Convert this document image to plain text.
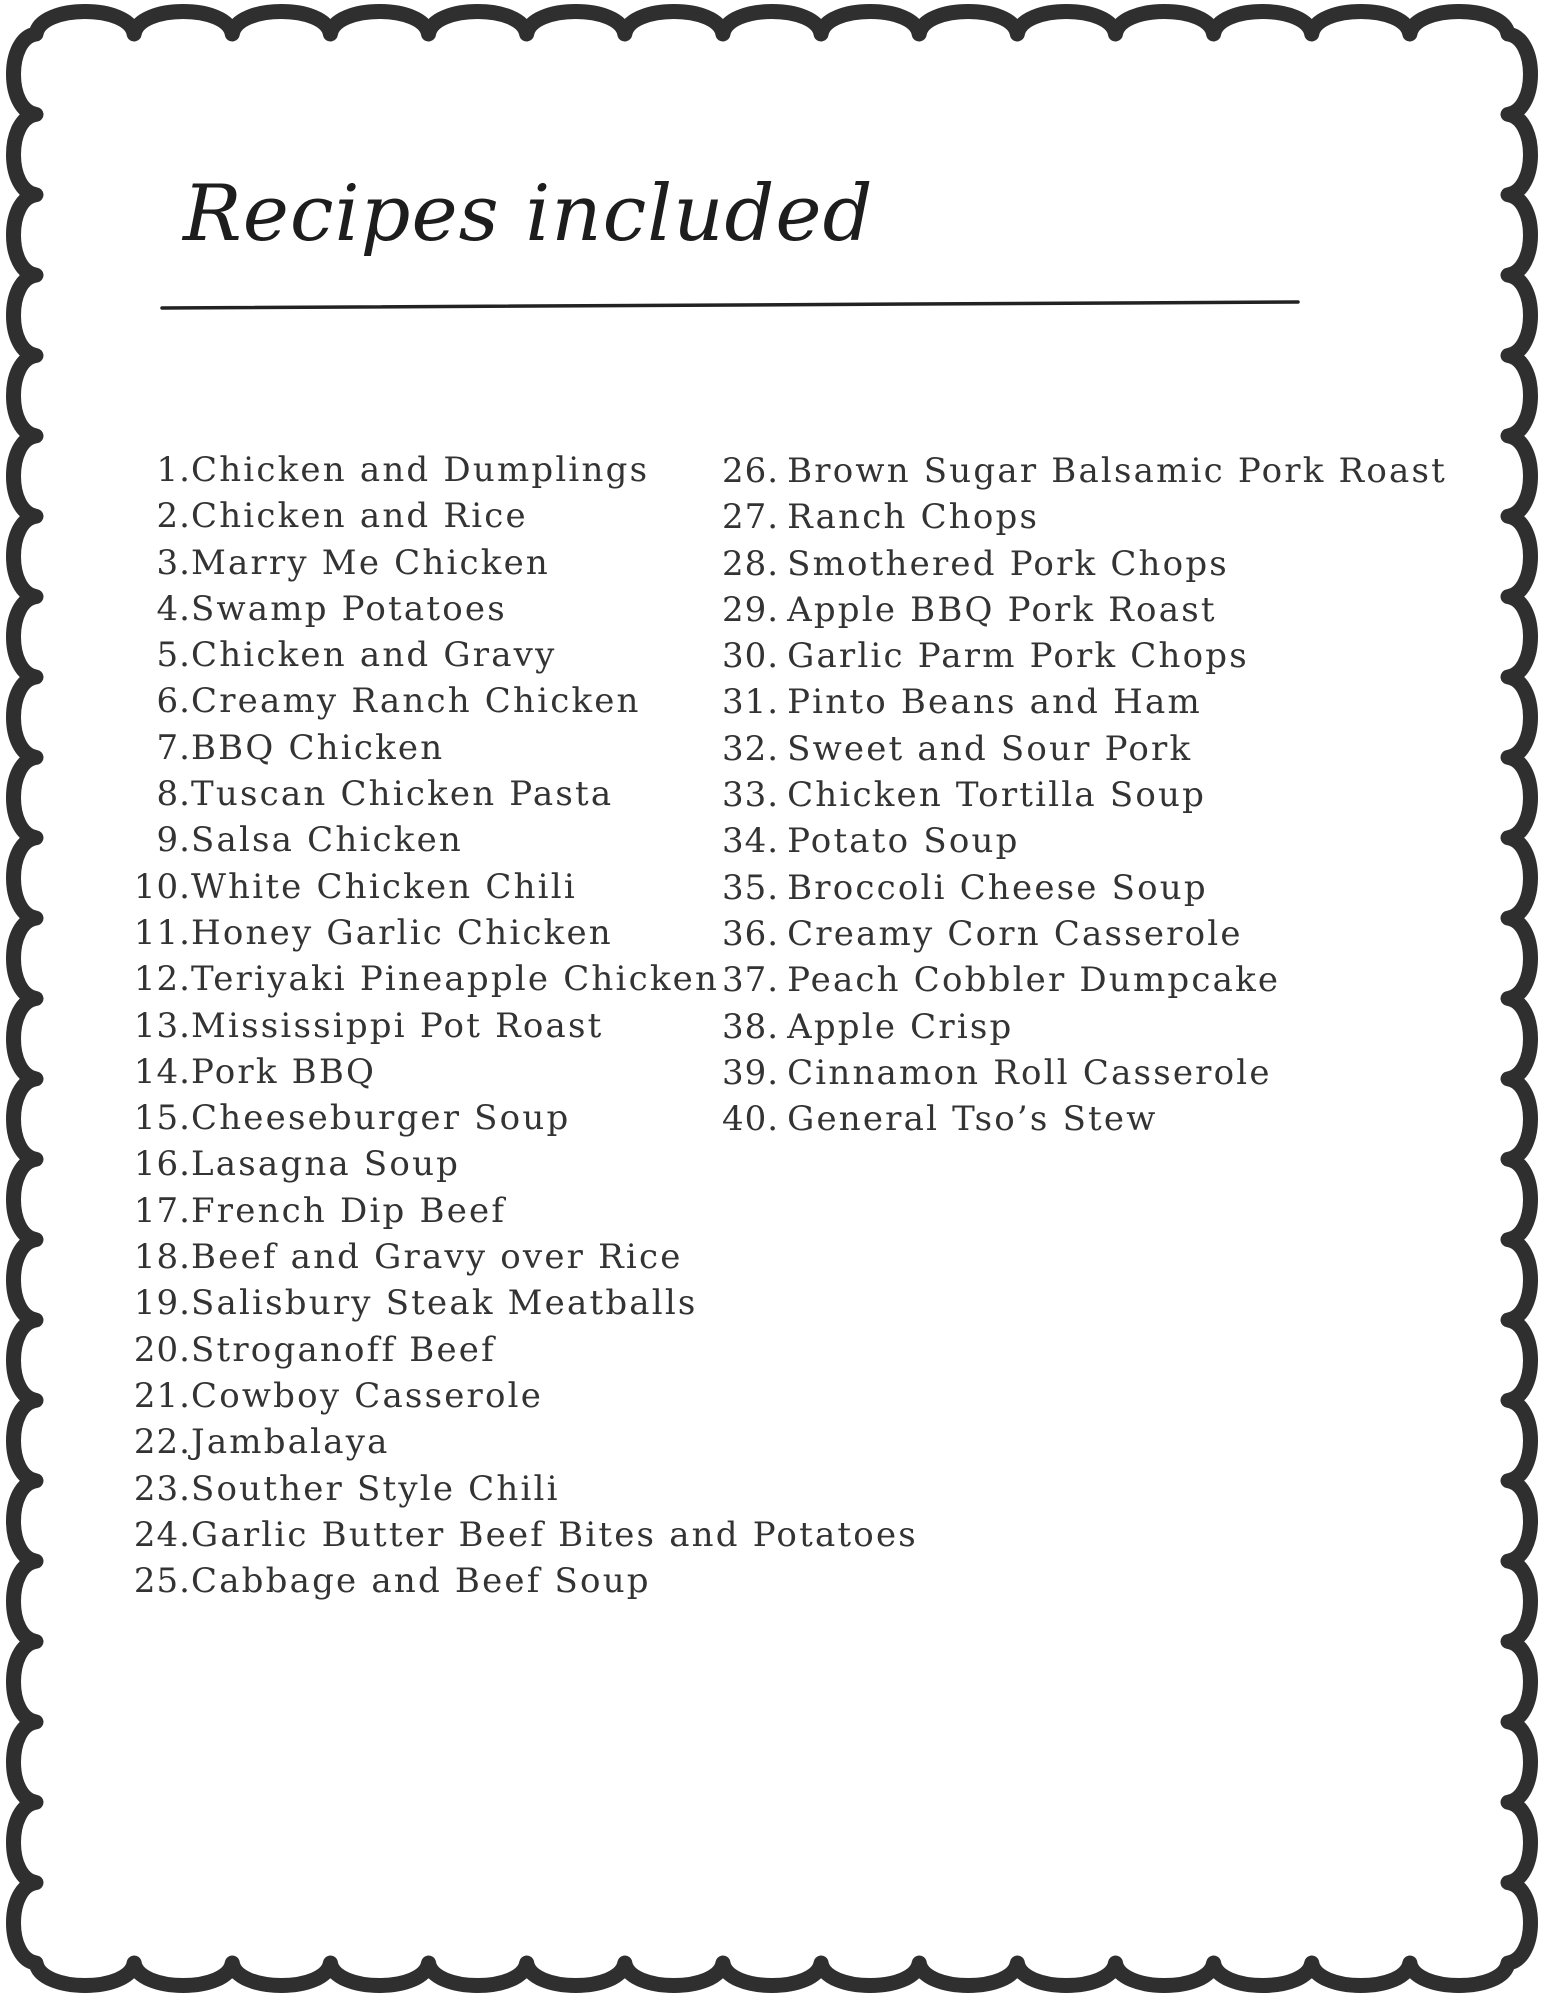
Recipes included
1. Chicken and Dumplings
2. Chicken and Rice
3. Marry Me Chicken
4. Swamp Potatoes
5. Chicken and Gravy
6. Creamy Ranch Chicken
7. BBQ Chicken
8. Tuscan Chicken Pasta
9. Salsa Chicken
10. White Chicken Chili
11. Honey Garlic Chicken
12. Teriyaki Pineapple Chicken
13. Mississippi Pot Roast
14. Pork BBQ
15. Cheeseburger Soup
16. Lasagna Soup
17. French Dip Beef
18. Beef and Gravy over Rice
19. Salisbury Steak Meatballs
20. Stroganoff Beef
21. Cowboy Casserole
22. Jambalaya
23. Souther Style Chili
24. Garlic Butter Beef Bites and Potatoes
25. Cabbage and Beef Soup
26. Brown Sugar Balsamic Pork Roast
27. Ranch Chops
28. Smothered Pork Chops
29. Apple BBQ Pork Roast
30. Garlic Parm Pork Chops
31. Pinto Beans and Ham
32. Sweet and Sour Pork
33. Chicken Tortilla Soup
34. Potato Soup
35. Broccoli Cheese Soup
36. Creamy Corn Casserole
37. Peach Cobbler Dumpcake
38. Apple Crisp
39. Cinnamon Roll Casserole
40. General Tso’s Stew
